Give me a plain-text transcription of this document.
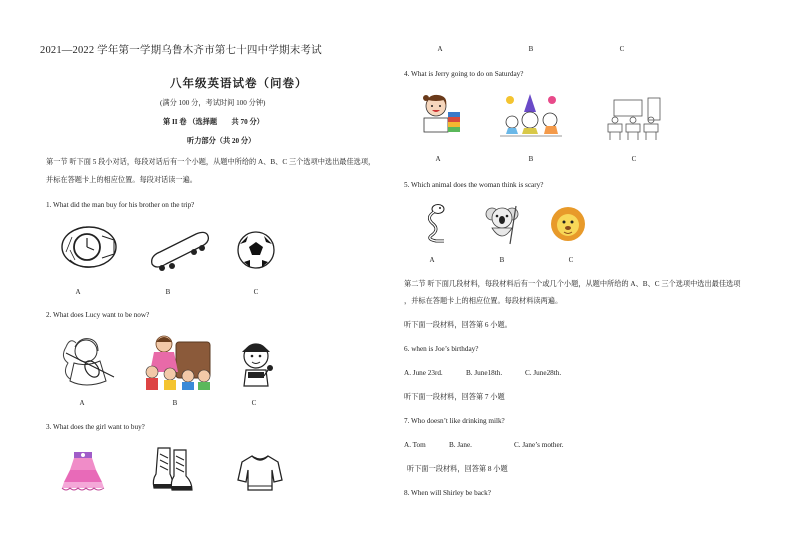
2021—2022 学年第一学期乌鲁木齐市第七十四中学期末考试
八年级英语试卷（问卷）
(满分 100 分，考试时间 100 分钟)
第 II 卷 （选择题　　共 70 分）
听力部分（共 20 分）
第一节 听下面 5 段小对话，每段对话后有一个小题，从题中所给的 A、B、C 三个选项中选出最佳选项，
并标在答题卡上的相应位置。每段对话读一遍。
1. What did the man buy for his brother on the trip?
A	B	C
2. What does Lucy want to be now?
A	B	C
3. What does the girl want to buy?
A	B	C
4. What is Jerry going to do on Saturday?
A	B	C
5. Which animal does the woman think is scary?
A	B	C
第二节 听下面几段材料，每段材料后有一个或几个小题，从题中所给的 A、B、C 三个选项中选出最佳选项
，并标在答题卡上的相应位置。每段材料读两遍。
听下面一段材料，回答第 6 小题。
6. when is Joe’s birthday?
A. June 23rd.	B. June18th.	C. June28th.
听下面一段材料，回答第 7 小题
7. Who doesn’t like drinking milk?
A. Tom	B. Jane.	C. Jane’s mother.
听下面一段材料，回答第 8 小题
8. When will Shirley be back?
